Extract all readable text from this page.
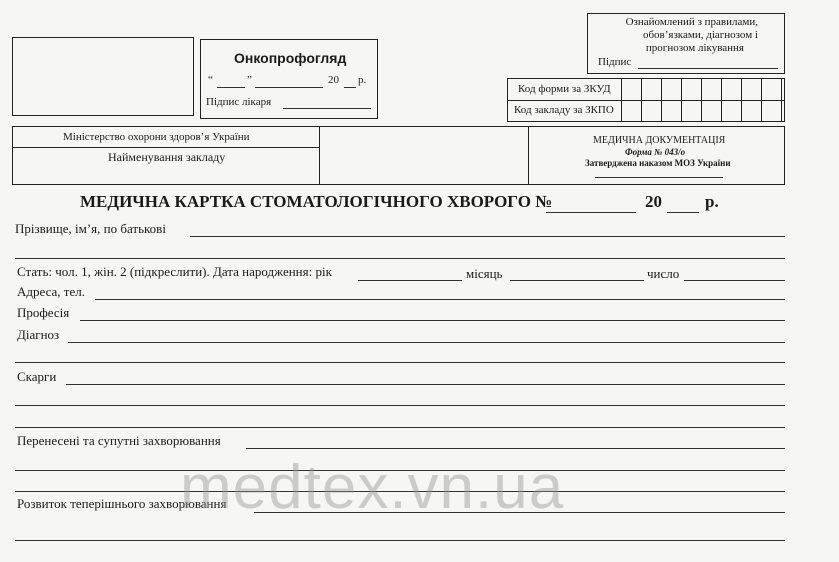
Онкопрофогляд
“	”	20 р.
Підпис лікаря
Ознайомлений з правилами,
обов’язками, діагнозом і
прогнозом лікування
Підпис
Код форми за ЗКУД
Код закладу за ЗКПО
Міністерство охорони здоров’я України
Найменування закладу
МЕДИЧНА ДОКУМЕНТАЦІЯ
Форма № 043/о
Затверджена наказом МОЗ України
МЕДИЧНА КАРТКА СТОМАТОЛОГІЧНОГО ХВОРОГО №	20	р.
Прізвище, ім’я, по батькові
Стать: чол. 1, жін. 2 (підкреслити). Дата народження: рік	місяць	число
Адреса, тел.
Професія
Діагноз
Скарги
Перенесені та супутні захворювання
Розвиток теперішнього захворювання
medtex.vn.ua
